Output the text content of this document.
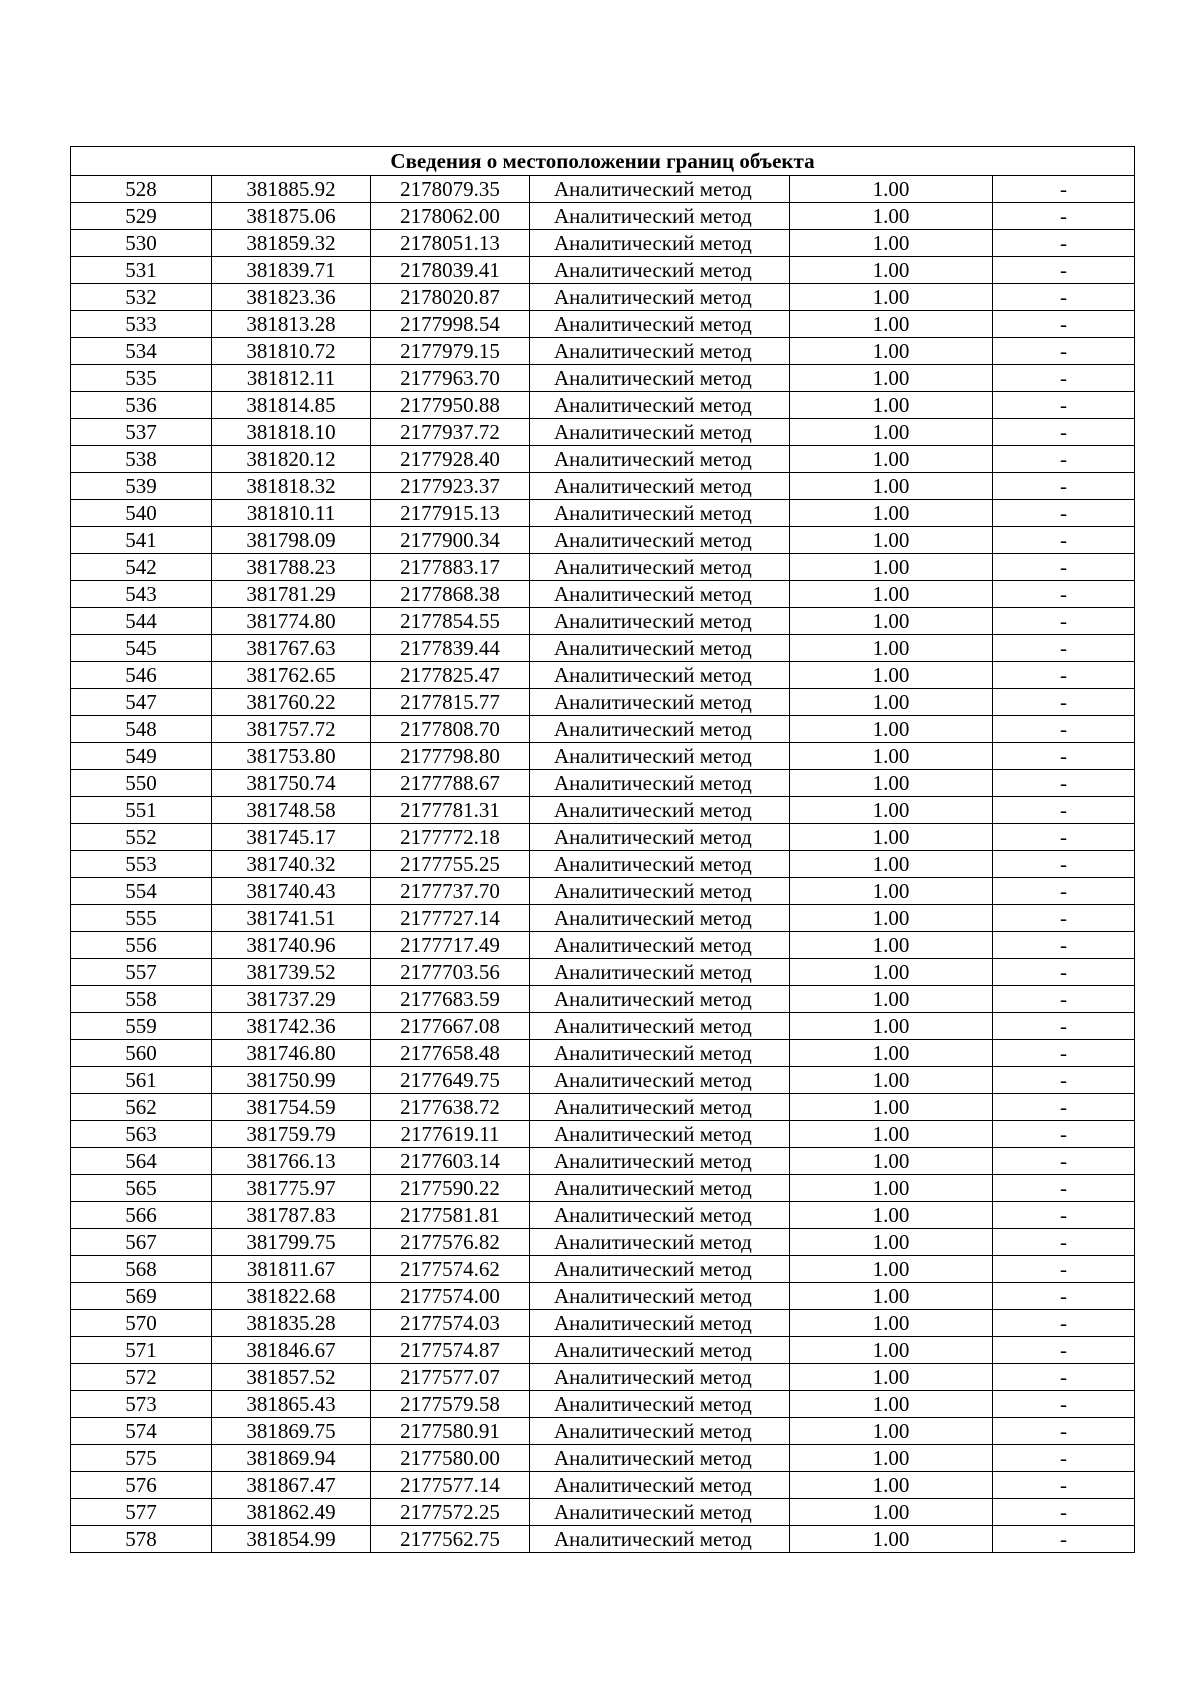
Сведения о местоположении границ объекта					
528	381885.92	2178079.35	Аналитический метод	1.00	-
529	381875.06	2178062.00	Аналитический метод	1.00	-
530	381859.32	2178051.13	Аналитический метод	1.00	-
531	381839.71	2178039.41	Аналитический метод	1.00	-
532	381823.36	2178020.87	Аналитический метод	1.00	-
533	381813.28	2177998.54	Аналитический метод	1.00	-
534	381810.72	2177979.15	Аналитический метод	1.00	-
535	381812.11	2177963.70	Аналитический метод	1.00	-
536	381814.85	2177950.88	Аналитический метод	1.00	-
537	381818.10	2177937.72	Аналитический метод	1.00	-
538	381820.12	2177928.40	Аналитический метод	1.00	-
539	381818.32	2177923.37	Аналитический метод	1.00	-
540	381810.11	2177915.13	Аналитический метод	1.00	-
541	381798.09	2177900.34	Аналитический метод	1.00	-
542	381788.23	2177883.17	Аналитический метод	1.00	-
543	381781.29	2177868.38	Аналитический метод	1.00	-
544	381774.80	2177854.55	Аналитический метод	1.00	-
545	381767.63	2177839.44	Аналитический метод	1.00	-
546	381762.65	2177825.47	Аналитический метод	1.00	-
547	381760.22	2177815.77	Аналитический метод	1.00	-
548	381757.72	2177808.70	Аналитический метод	1.00	-
549	381753.80	2177798.80	Аналитический метод	1.00	-
550	381750.74	2177788.67	Аналитический метод	1.00	-
551	381748.58	2177781.31	Аналитический метод	1.00	-
552	381745.17	2177772.18	Аналитический метод	1.00	-
553	381740.32	2177755.25	Аналитический метод	1.00	-
554	381740.43	2177737.70	Аналитический метод	1.00	-
555	381741.51	2177727.14	Аналитический метод	1.00	-
556	381740.96	2177717.49	Аналитический метод	1.00	-
557	381739.52	2177703.56	Аналитический метод	1.00	-
558	381737.29	2177683.59	Аналитический метод	1.00	-
559	381742.36	2177667.08	Аналитический метод	1.00	-
560	381746.80	2177658.48	Аналитический метод	1.00	-
561	381750.99	2177649.75	Аналитический метод	1.00	-
562	381754.59	2177638.72	Аналитический метод	1.00	-
563	381759.79	2177619.11	Аналитический метод	1.00	-
564	381766.13	2177603.14	Аналитический метод	1.00	-
565	381775.97	2177590.22	Аналитический метод	1.00	-
566	381787.83	2177581.81	Аналитический метод	1.00	-
567	381799.75	2177576.82	Аналитический метод	1.00	-
568	381811.67	2177574.62	Аналитический метод	1.00	-
569	381822.68	2177574.00	Аналитический метод	1.00	-
570	381835.28	2177574.03	Аналитический метод	1.00	-
571	381846.67	2177574.87	Аналитический метод	1.00	-
572	381857.52	2177577.07	Аналитический метод	1.00	-
573	381865.43	2177579.58	Аналитический метод	1.00	-
574	381869.75	2177580.91	Аналитический метод	1.00	-
575	381869.94	2177580.00	Аналитический метод	1.00	-
576	381867.47	2177577.14	Аналитический метод	1.00	-
577	381862.49	2177572.25	Аналитический метод	1.00	-
578	381854.99	2177562.75	Аналитический метод	1.00	-
